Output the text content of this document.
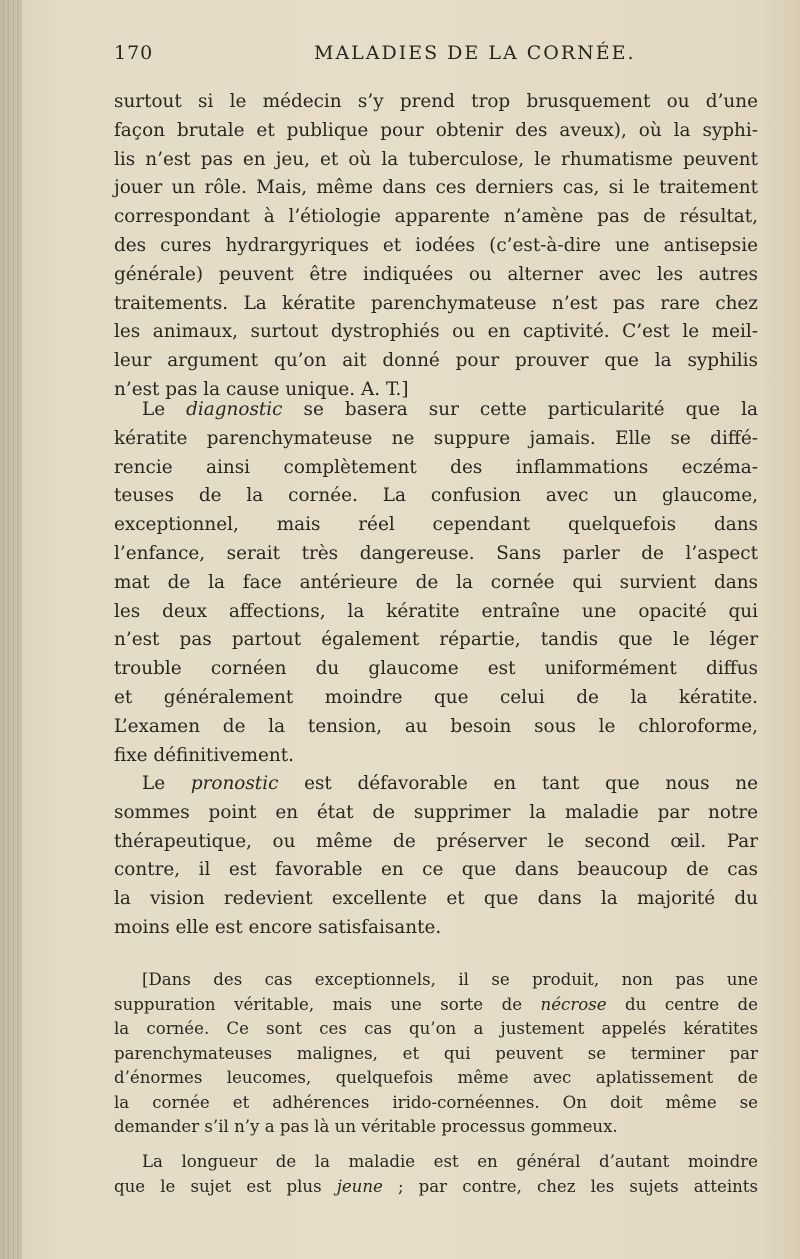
170	MALADIES DE LA CORNÉE.
surtout si le médecin s’y prend trop brusquement ou d’une
façon brutale et publique pour obtenir des aveux), où la syphi-
lis n’est pas en jeu, et où la tuberculose, le rhumatisme peuvent
jouer un rôle. Mais, même dans ces derniers cas, si le traitement
correspondant à l’étiologie apparente n’amène pas de résultat,
des cures hydrargyriques et iodées (c’est-à-dire une antisepsie
générale) peuvent être indiquées ou alterner avec les autres
traitements. La kératite parenchymateuse n’est pas rare chez
les animaux, surtout dystrophiés ou en captivité. C’est le meil-
leur argument qu’on ait donné pour prouver que la syphilis
n’est pas la cause unique. A. T.]
Le diagnostic se basera sur cette particularité que la
kératite parenchymateuse ne suppure jamais. Elle se diffé-
rencie ainsi complètement des inflammations eczéma-
teuses de la cornée. La confusion avec un glaucome,
exceptionnel, mais réel cependant quelquefois dans
l’enfance, serait très dangereuse. Sans parler de l’aspect
mat de la face antérieure de la cornée qui survient dans
les deux affections, la kératite entraîne une opacité qui
n’est pas partout également répartie, tandis que le léger
trouble cornéen du glaucome est uniformément diffus
et généralement moindre que celui de la kératite.
L’examen de la tension, au besoin sous le chloroforme,
fixe définitivement.
Le pronostic est défavorable en tant que nous ne
sommes point en état de supprimer la maladie par notre
thérapeutique, ou même de préserver le second œil. Par
contre, il est favorable en ce que dans beaucoup de cas
la vision redevient excellente et que dans la majorité du
moins elle est encore satisfaisante.
[Dans des cas exceptionnels, il se produit, non pas une
suppuration véritable, mais une sorte de nécrose du centre de
la cornée. Ce sont ces cas qu’on a justement appelés kératites
parenchymateuses malignes, et qui peuvent se terminer par
d’énormes leucomes, quelquefois même avec aplatissement de
la cornée et adhérences irido-cornéennes. On doit même se
demander s’il n’y a pas là un véritable processus gommeux.
La longueur de la maladie est en général d’autant moindre
que le sujet est plus jeune ; par contre, chez les sujets atteints
